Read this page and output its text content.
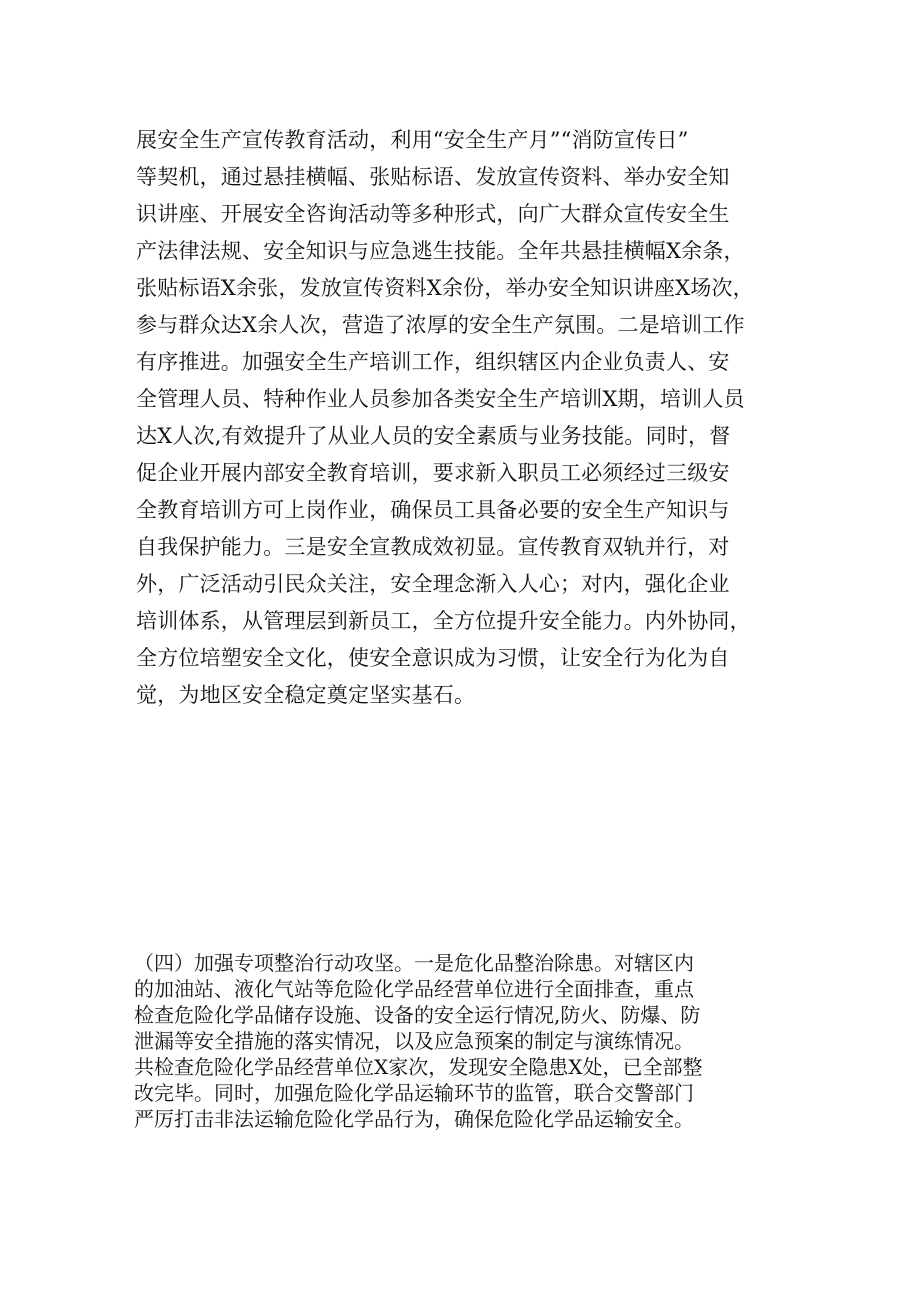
展安全生产宣传教育活动，利用“安全生产月”“消防宣传日”
等契机，通过悬挂横幅、张贴标语、发放宣传资料、举办安全知
识讲座、开展安全咨询活动等多种形式，向广大群众宣传安全生
产法律法规、安全知识与应急逃生技能。全年共悬挂横幅X余条，
张贴标语X余张，发放宣传资料X余份，举办安全知识讲座X场次，
参与群众达X余人次，营造了浓厚的安全生产氛围。二是培训工作
有序推进。加强安全生产培训工作，组织辖区内企业负责人、安
全管理人员、特种作业人员参加各类安全生产培训X期，培训人员
达X人次,有效提升了从业人员的安全素质与业务技能。同时，督
促企业开展内部安全教育培训，要求新入职员工必须经过三级安
全教育培训方可上岗作业，确保员工具备必要的安全生产知识与
自我保护能力。三是安全宣教成效初显。宣传教育双轨并行，对
外，广泛活动引民众关注，安全理念渐入人心；对内，强化企业
培训体系，从管理层到新员工，全方位提升安全能力。内外协同，
全方位培塑安全文化，使安全意识成为习惯，让安全行为化为自
觉，为地区安全稳定奠定坚实基石。
（四）加强专项整治行动攻坚。一是危化品整治除患。对辖区内
的加油站、液化气站等危险化学品经营单位进行全面排查，重点
检查危险化学品储存设施、设备的安全运行情况,防火、防爆、防
泄漏等安全措施的落实情况，以及应急预案的制定与演练情况。
共检查危险化学品经营单位X家次，发现安全隐患X处，已全部整
改完毕。同时，加强危险化学品运输环节的监管，联合交警部门
严厉打击非法运输危险化学品行为，确保危险化学品运输安全。
